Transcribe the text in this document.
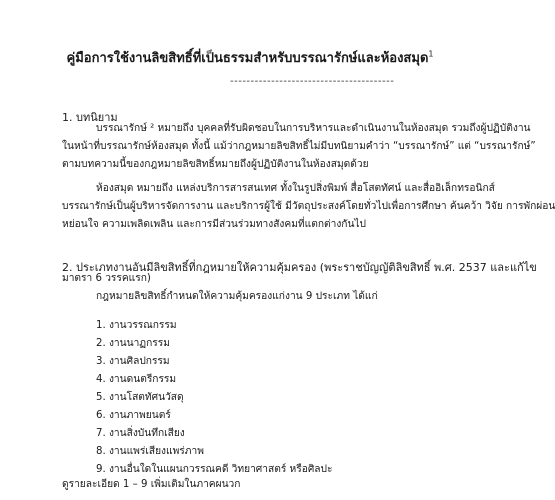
คู่มือการใช้งานลิขสิทธิ์ที่เป็นธรรมสำหรับบรรณารักษ์และห้องสมุด$^1$
----------------------------------------
1. บทนิยาม
บรรณารักษ์ ² หมายถึง บุคคลที่รับผิดชอบในการบริหารและดำเนินงานในห้องสมุด รวมถึงผู้ปฏิบัติงาน
ในหน้าที่บรรณารักษ์ห้องสมุด ทั้งนี้ แม้ว่ากฎหมายลิขสิทธิ์ไม่มีบทนิยามคำว่า “บรรณารักษ์” แต่ “บรรณารักษ์”
ตามบทความนี้ของกฎหมายลิขสิทธิ์หมายถึงผู้ปฏิบัติงานในห้องสมุดด้วย
ห้องสมุด หมายถึง แหล่งบริการสารสนเทศ ทั้งในรูปสิ่งพิมพ์ สื่อโสตทัศน์ และสื่ออิเล็กทรอนิกส์
บรรณารักษ์เป็นผู้บริหารจัดการงาน และบริการผู้ใช้ มีวัตถุประสงค์โดยทั่วไปเพื่อการศึกษา ค้นคว้า วิจัย การพักผ่อน
หย่อนใจ ความเพลิดเพลิน และการมีส่วนร่วมทางสังคมที่แตกต่างกันไป
2. ประเภทงานอันมีลิขสิทธิ์ที่กฎหมายให้ความคุ้มครอง (พระราชบัญญัติลิขสิทธิ์ พ.ศ. 2537 และแก้ไข
มาตรา 6 วรรคแรก)
กฎหมายลิขสิทธิ์กำหนดให้ความคุ้มครองแก่งาน 9 ประเภท ได้แก่
1. งานวรรณกรรม
2. งานนาฏกรรม
3. งานศิลปกรรม
4. งานดนตรีกรรม
5. งานโสตทัศนวัสดุ
6. งานภาพยนตร์
7. งานสิ่งบันทึกเสียง
8. งานแพร่เสียงแพร่ภาพ
9. งานอื่นใดในแผนกวรรณคดี วิทยาศาสตร์ หรือศิลปะ
ดูรายละเอียด 1 – 9 เพิ่มเติมในภาคผนวก
